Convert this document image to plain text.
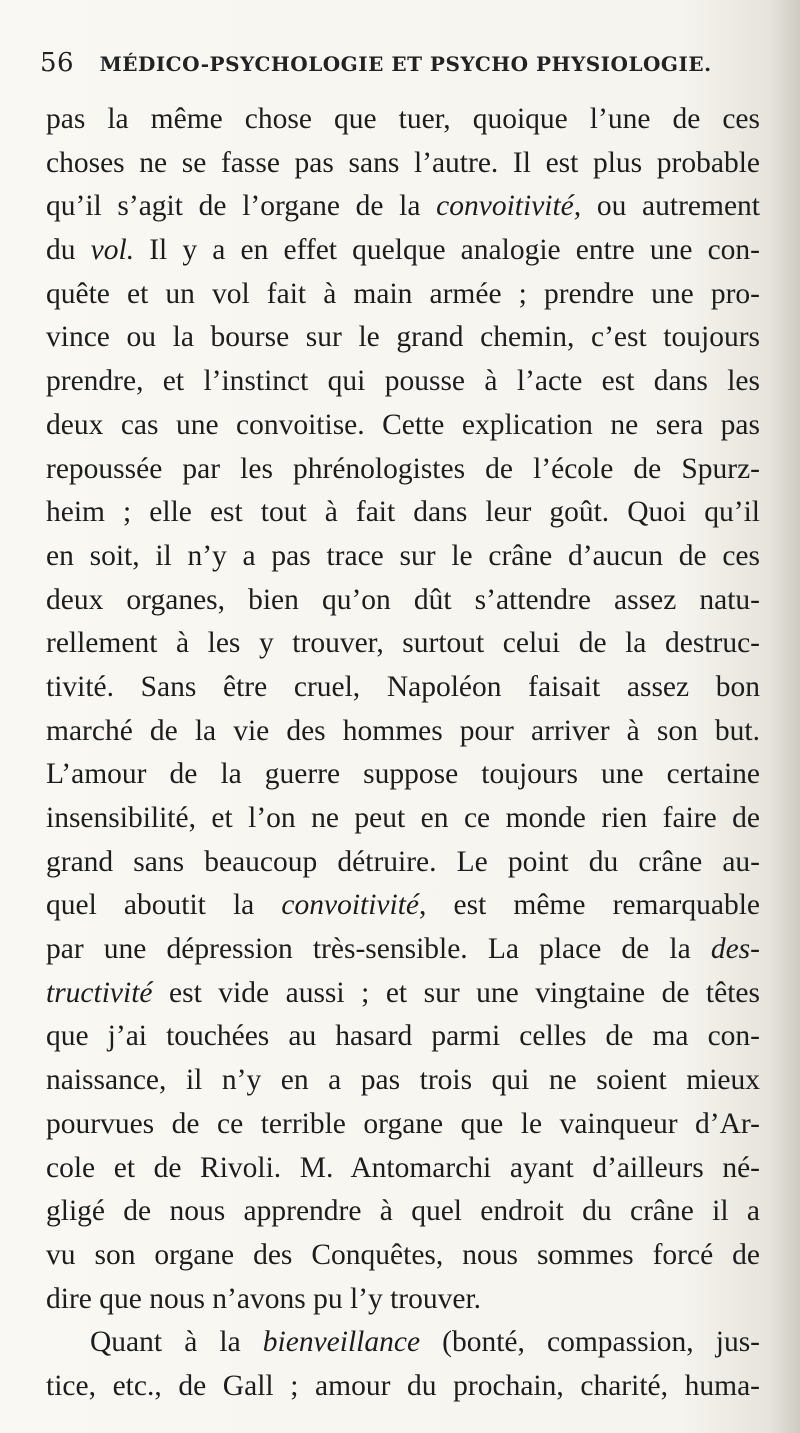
56 MÉDICO-PSYCHOLOGIE ET PSYCHO PHYSIOLOGIE.
pas la même chose que tuer, quoique l’une de ces
choses ne se fasse pas sans l’autre. Il est plus probable
qu’il s’agit de l’organe de la convoitivité, ou autrement
du vol. Il y a en effet quelque analogie entre une con-
quête et un vol fait à main armée ; prendre une pro-
vince ou la bourse sur le grand chemin, c’est toujours
prendre, et l’instinct qui pousse à l’acte est dans les
deux cas une convoitise. Cette explication ne sera pas
repoussée par les phrénologistes de l’école de Spurz-
heim ; elle est tout à fait dans leur goût. Quoi qu’il
en soit, il n’y a pas trace sur le crâne d’aucun de ces
deux organes, bien qu’on dût s’attendre assez natu-
rellement à les y trouver, surtout celui de la destruc-
tivité. Sans être cruel, Napoléon faisait assez bon
marché de la vie des hommes pour arriver à son but.
L’amour de la guerre suppose toujours une certaine
insensibilité, et l’on ne peut en ce monde rien faire de
grand sans beaucoup détruire. Le point du crâne au-
quel aboutit la convoitivité, est même remarquable
par une dépression très-sensible. La place de la des-
tructivité est vide aussi ; et sur une vingtaine de têtes
que j’ai touchées au hasard parmi celles de ma con-
naissance, il n’y en a pas trois qui ne soient mieux
pourvues de ce terrible organe que le vainqueur d’Ar-
cole et de Rivoli. M. Antomarchi ayant d’ailleurs né-
gligé de nous apprendre à quel endroit du crâne il a
vu son organe des Conquêtes, nous sommes forcé de
dire que nous n’avons pu l’y trouver.
Quant à la bienveillance (bonté, compassion, jus-
tice, etc., de Gall ; amour du prochain, charité, huma-
